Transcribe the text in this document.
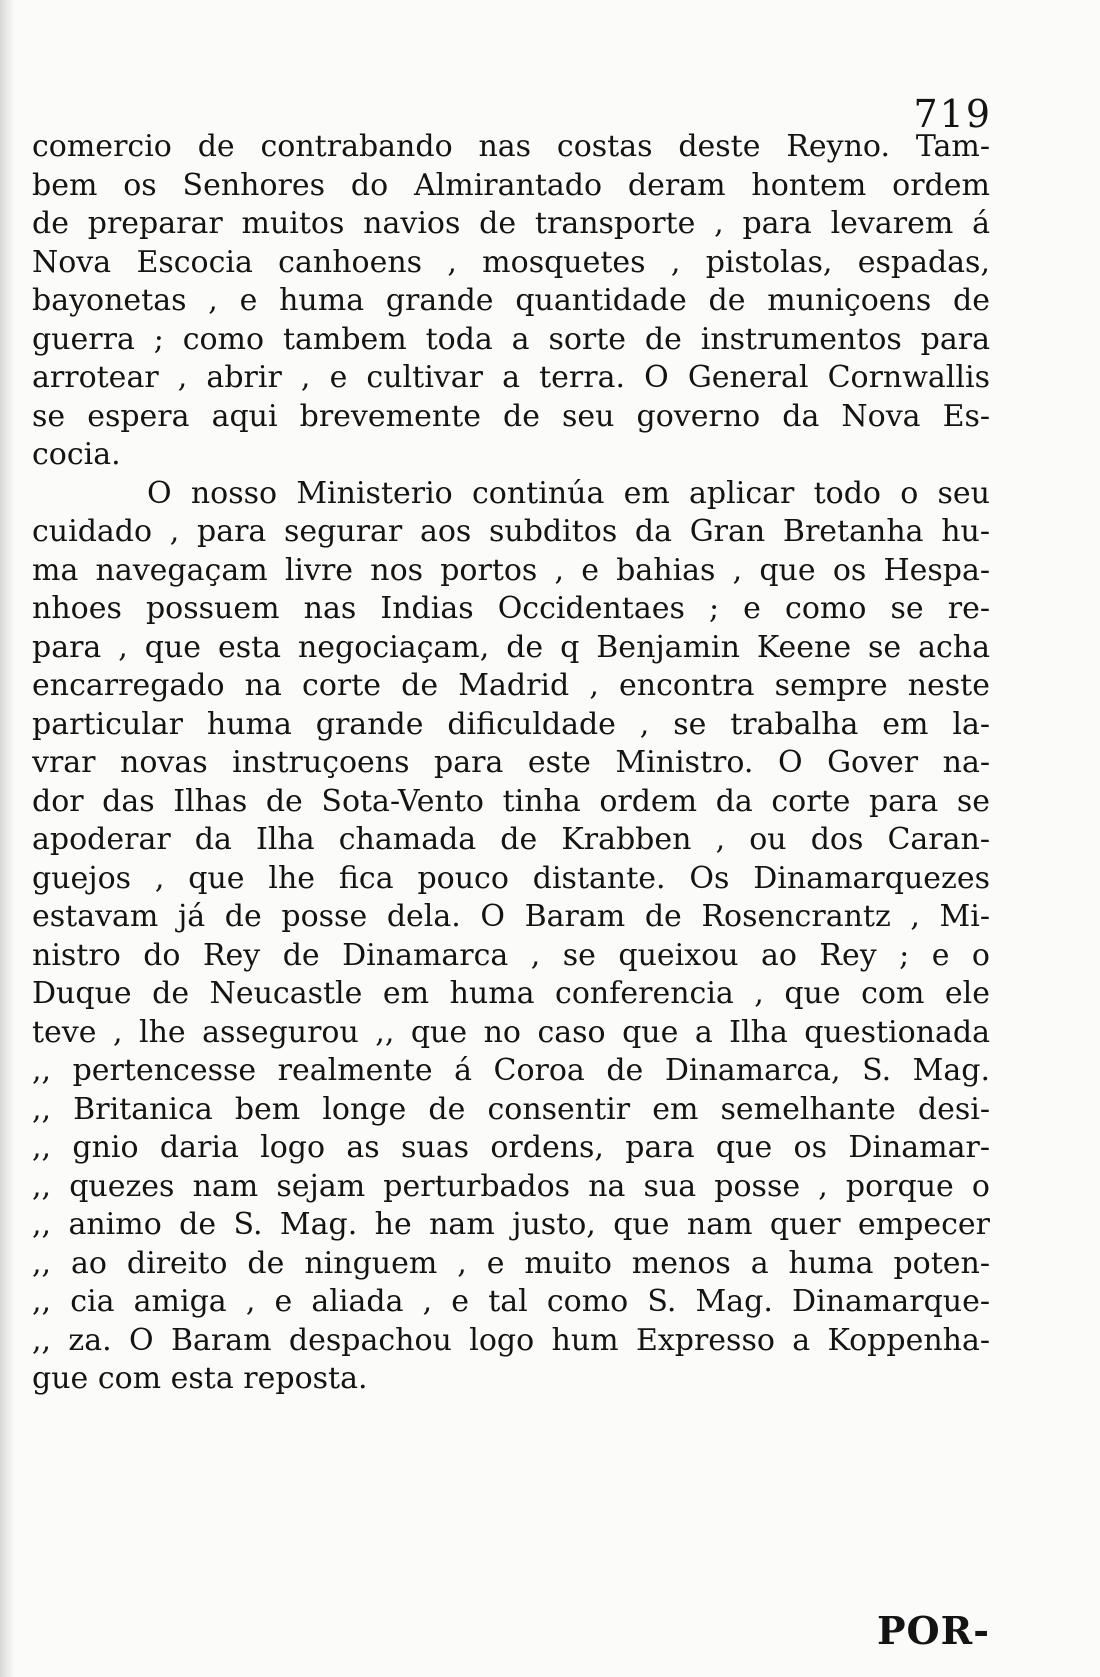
719
comercio de contrabando nas costas deste Reyno. Tam-
bem os Senhores do Almirantado deram hontem ordem
de preparar muitos navios de transporte , para levarem á
Nova Escocia canhoens , mosquetes , pistolas, espadas,
bayonetas , e huma grande quantidade de muniçoens de
guerra ; como tambem toda a sorte de instrumentos para
arrotear , abrir , e cultivar a terra. O General Cornwallis
se espera aqui brevemente de seu governo da Nova Es-
cocia.
O nosso Ministerio continúa em aplicar todo o seu
cuidado , para segurar aos subditos da Gran Bretanha hu-
ma navegaçam livre nos portos , e bahias , que os Hespa-
nhoes possuem nas Indias Occidentaes ; e como se re-
para , que esta negociaçam, de q Benjamin Keene se acha
encarregado na corte de Madrid , encontra sempre neste
particular huma grande dificuldade , se trabalha em la-
vrar novas instruçoens para este Ministro. O Gover na-
dor das Ilhas de Sota-Vento tinha ordem da corte para se
apoderar da Ilha chamada de Krabben , ou dos Caran-
guejos , que lhe fica pouco distante. Os Dinamarquezes
estavam já de posse dela. O Baram de Rosencrantz , Mi-
nistro do Rey de Dinamarca , se queixou ao Rey ; e o
Duque de Neucastle em huma conferencia , que com ele
teve , lhe assegurou ,, que no caso que a Ilha questionada
,, pertencesse realmente á Coroa de Dinamarca, S. Mag.
,, Britanica bem longe de consentir em semelhante desi-
,, gnio daria logo as suas ordens, para que os Dinamar-
,, quezes nam sejam perturbados na sua posse , porque o
,, animo de S. Mag. he nam justo, que nam quer empecer
,, ao direito de ninguem , e muito menos a huma poten-
,, cia amiga , e aliada , e tal como S. Mag. Dinamarque-
,, za. O Baram despachou logo hum Expresso a Koppenha-
gue com esta reposta.
POR-
